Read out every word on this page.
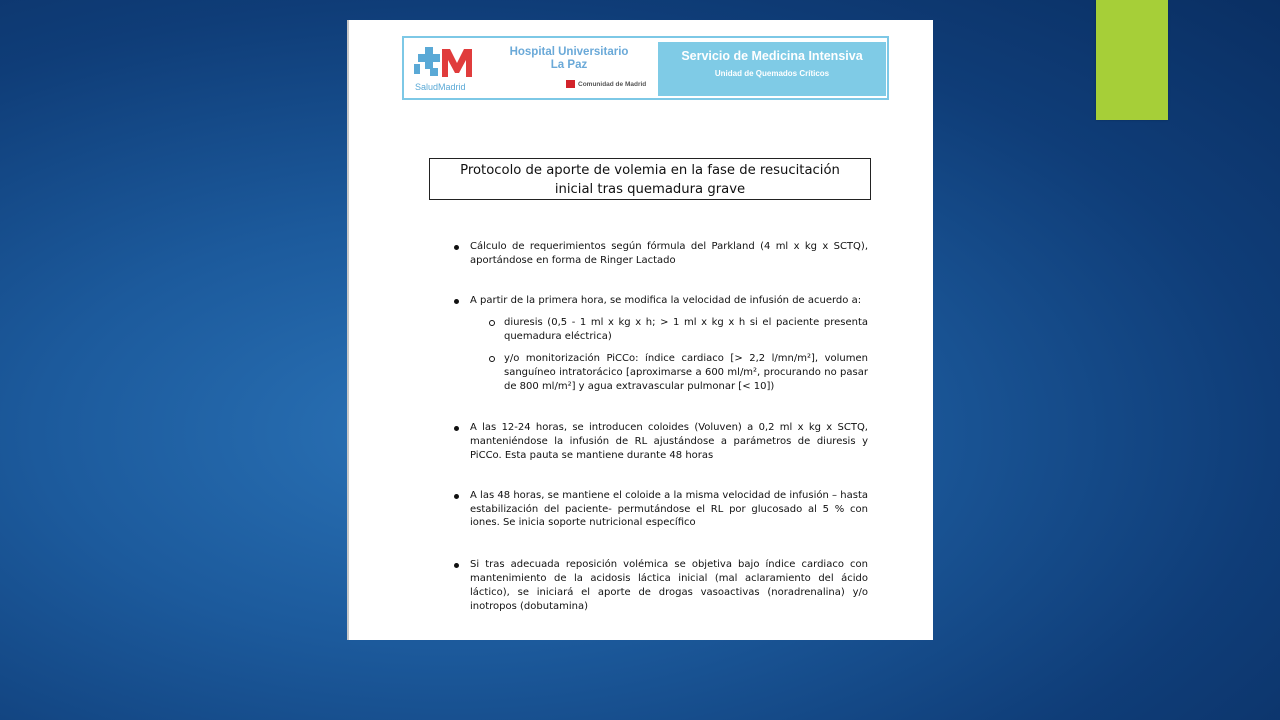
SaludMadrid
Hospital Universitario
La Paz
Comunidad de Madrid
Servicio de Medicina Intensiva
Unidad de Quemados Críticos
Protocolo de aporte de volemia en la fase de resucitación
inicial tras quemadura grave

Cálculo de requerimientos según fórmula del Parkland (4 ml x kg x SCTQ), aportándose en forma de Ringer Lactado

A partir de la primera hora, se modifica la velocidad de infusión de acuerdo a:

diuresis (0,5 - 1 ml x kg x h; > 1 ml x kg x h si el paciente presenta quemadura eléctrica)

y/o monitorización PiCCo: índice cardiaco [> 2,2 l/mn/m²], volumen sanguíneo intratorácico [aproximarse a 600 ml/m², procurando no pasar de 800 ml/m²] y agua extravascular pulmonar [< 10])

A las 12-24 horas, se introducen coloides (Voluven) a 0,2 ml x kg x SCTQ, manteniéndose la infusión de RL ajustándose a parámetros de diuresis y PiCCo. Esta pauta se mantiene durante 48 horas

A las 48 horas, se mantiene el coloide a la misma velocidad de infusión – hasta estabilización del paciente- permutándose el RL por glucosado al 5 % con iones. Se inicia soporte nutricional específico

Si tras adecuada reposición volémica se objetiva bajo índice cardiaco con mantenimiento de la acidosis láctica inicial (mal aclaramiento del ácido láctico), se iniciará el aporte de drogas vasoactivas (noradrenalina) y/o inotropos (dobutamina)
